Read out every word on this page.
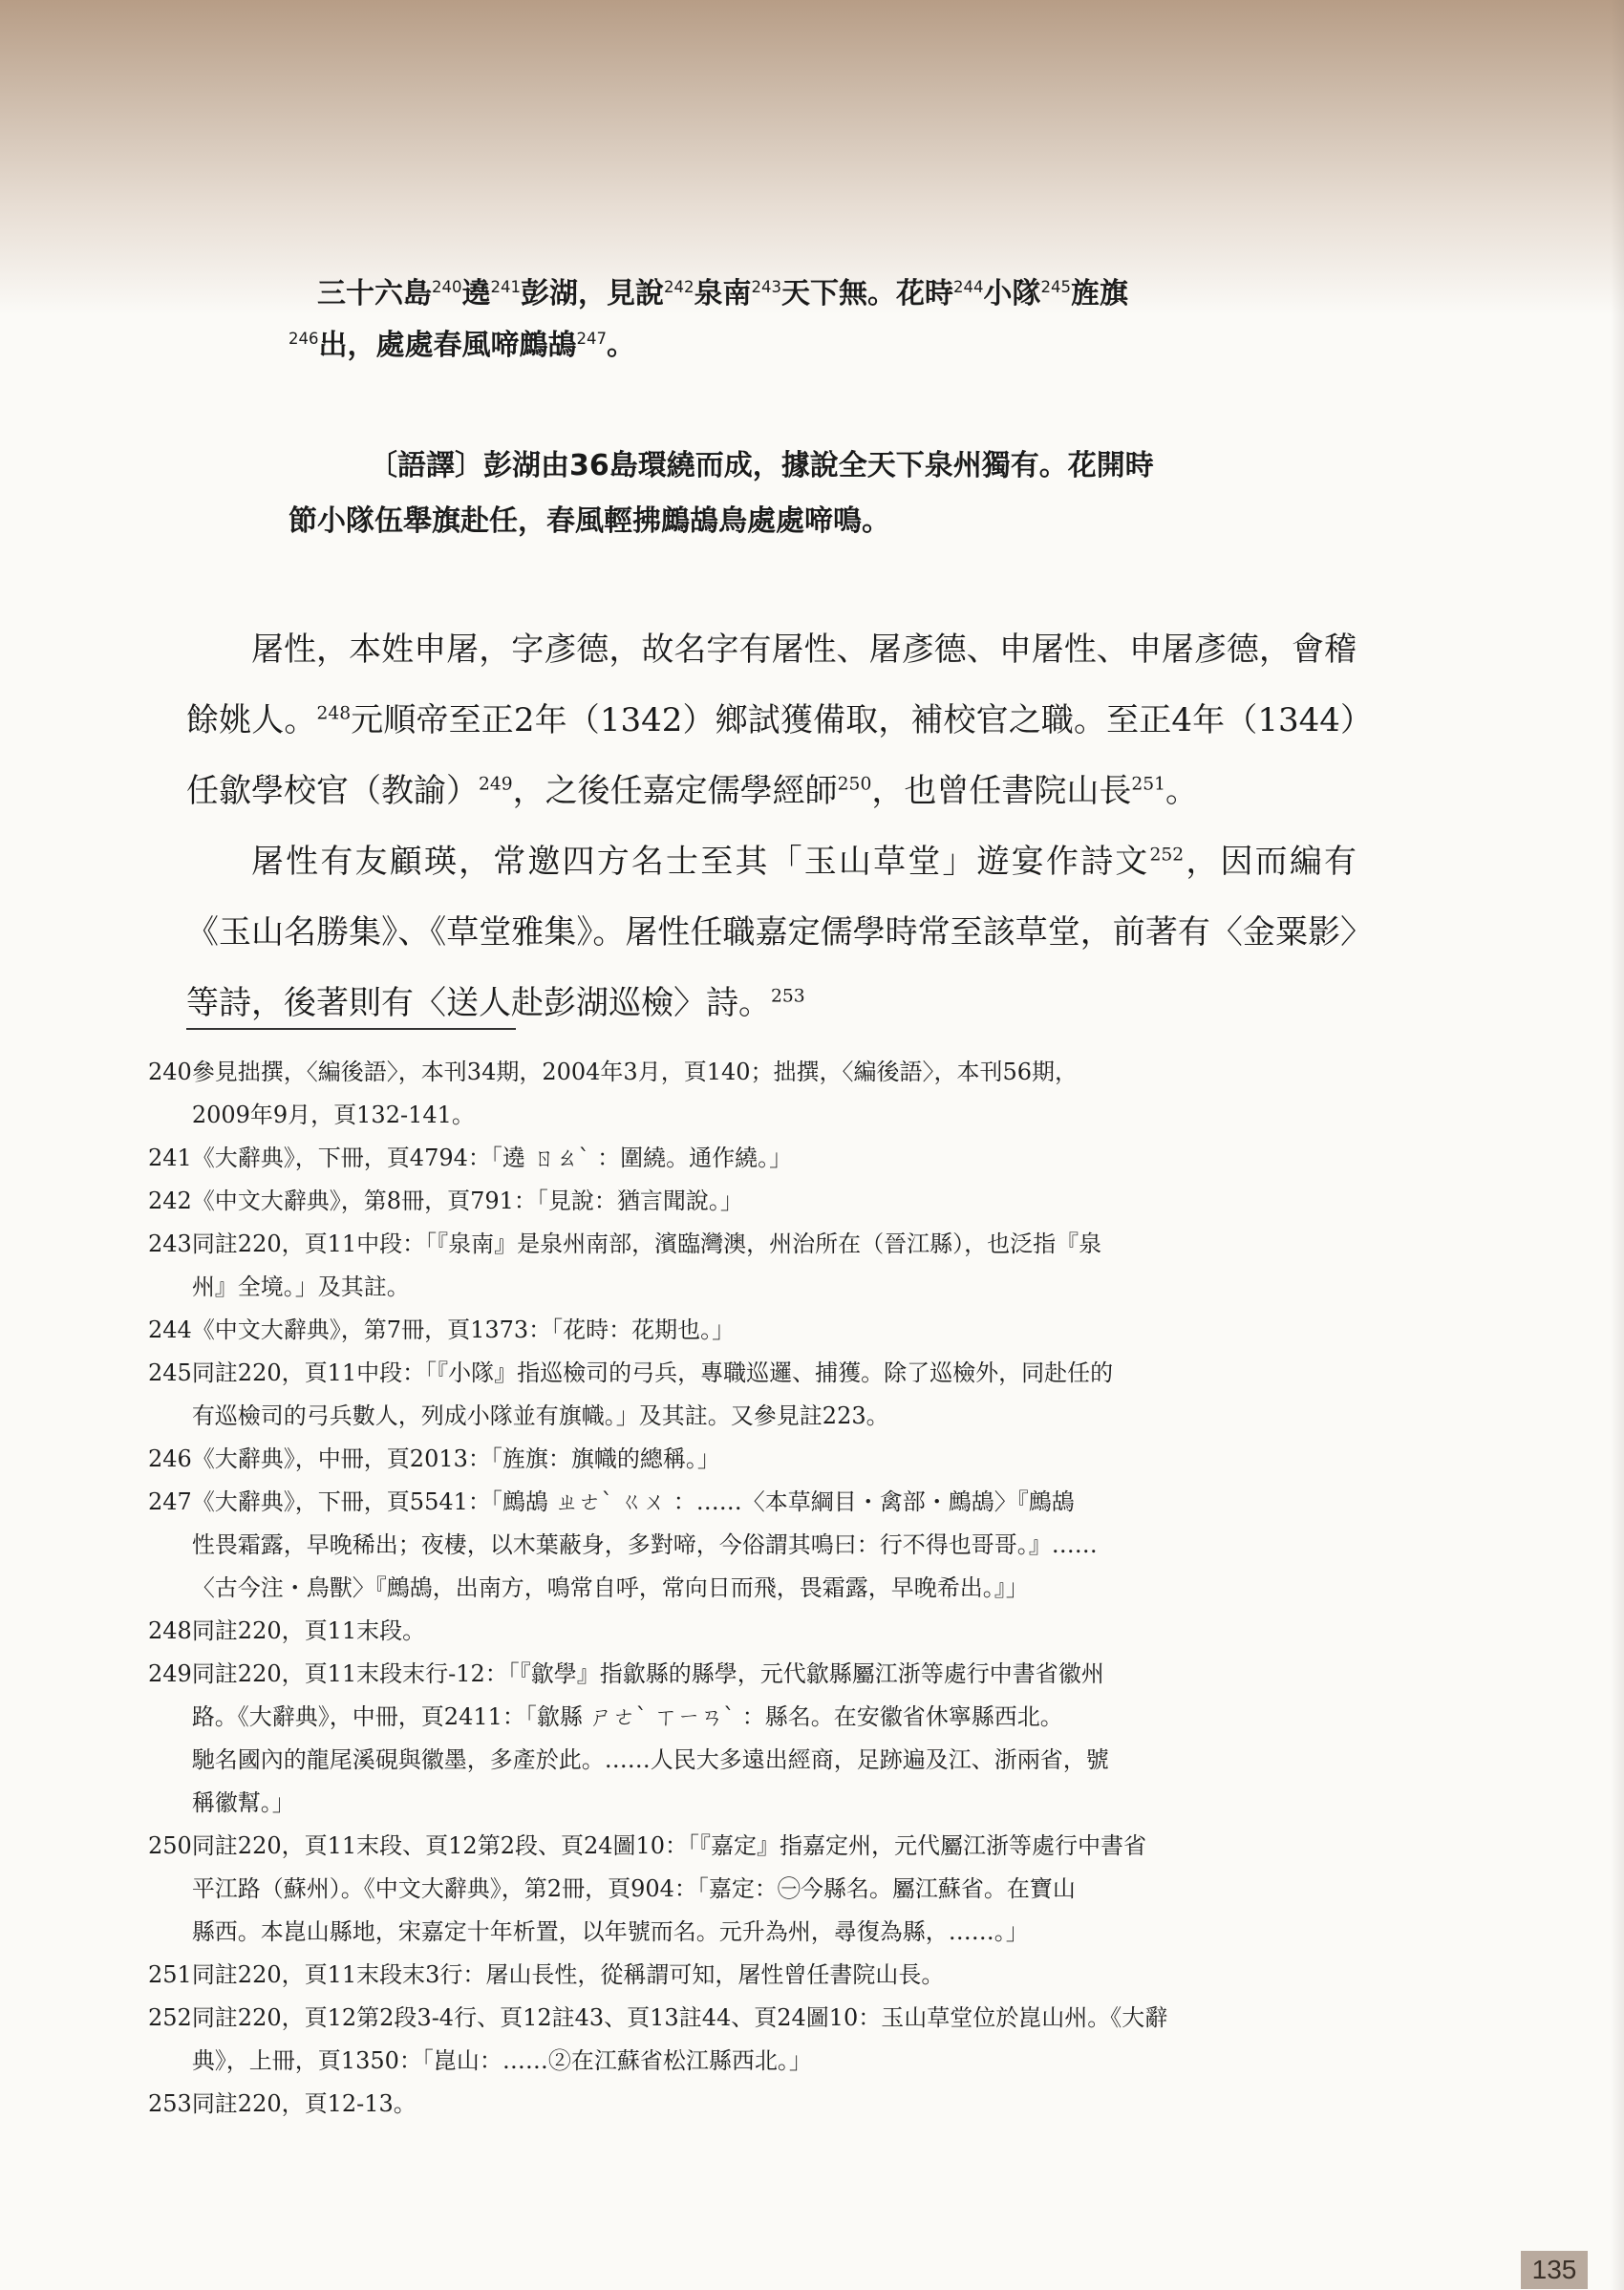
三十六島$^{240}$遶$^{241}$彭湖，見說$^{242}$泉南$^{243}$天下無。花時$^{244}$小隊$^{245}$旌旗
$^{246}$出，處處春風啼鷓鴣$^{247}$。
〔語譯〕彭湖由36島環繞而成，據說全天下泉州獨有。花開時
節小隊伍舉旗赴任，春風輕拂鷓鴣鳥處處啼鳴。

屠性，本姓申屠，字彥德，故名字有屠性、屠彥德、申屠性、申屠彥德，會稽餘姚人。$^{248}$元順帝至正2年（1342）鄉試獲備取，補校官之職。至正4年（1344）任歙學校官（教諭）$^{249}$，之後任嘉定儒學經師$^{250}$，也曾任書院山長$^{251}$。

屠性有友顧瑛，常邀四方名士至其「玉山草堂」遊宴作詩文$^{252}$，因而編有《玉山名勝集》、《草堂雅集》。屠性任職嘉定儒學時常至該草堂，前著有〈金粟影〉等詩，後著則有〈送人赴彭湖巡檢〉詩。$^{253}$

240 參見拙撰，〈編後語〉，本刊34期，2004年3月，頁140；拙撰，〈編後語〉，本刊56期，
2009年9月，頁132-141。
241 《大辭典》，下冊，頁4794：「遶 ㄖㄠˋ ：圍繞。通作繞。」
242 《中文大辭典》，第8冊，頁791：「見說：猶言聞說。」
243 同註220，頁11中段：「『泉南』是泉州南部，濱臨灣澳，州治所在（晉江縣），也泛指『泉
州』全境。」及其註。
244 《中文大辭典》，第7冊，頁1373：「花時：花期也。」
245 同註220，頁11中段：「『小隊』指巡檢司的弓兵，專職巡邏、捕獲。除了巡檢外，同赴任的
有巡檢司的弓兵數人，列成小隊並有旗幟。」及其註。又參見註223。
246 《大辭典》，中冊，頁2013：「旌旗：旗幟的總稱。」
247 《大辭典》，下冊，頁5541：「鷓鴣 ㄓㄜˋ ㄍㄨ ：……〈本草綱目・禽部・鷓鴣〉『鷓鴣
性畏霜露，早晚稀出；夜棲，以木葉蔽身，多對啼，今俗謂其鳴曰：行不得也哥哥。』……
〈古今注・鳥獸〉『鷓鴣，出南方，鳴常自呼，常向日而飛，畏霜露，早晚希出。』」
248 同註220，頁11末段。
249 同註220，頁11末段末行-12：「『歙學』指歙縣的縣學，元代歙縣屬江浙等處行中書省徽州
路。《大辭典》，中冊，頁2411：「歙縣 ㄕㄜˋ ㄒㄧㄢˋ ：縣名。在安徽省休寧縣西北。
馳名國內的龍尾溪硯與徽墨，多產於此。……人民大多遠出經商，足跡遍及江、浙兩省，號
稱徽幫。」
250 同註220，頁11末段、頁12第2段、頁24圖10：「『嘉定』指嘉定州，元代屬江浙等處行中書省
平江路（蘇州）。《中文大辭典》，第2冊，頁904：「嘉定：㊀今縣名。屬江蘇省。在寶山
縣西。本崑山縣地，宋嘉定十年析置，以年號而名。元升為州，尋復為縣，……。」
251 同註220，頁11末段末3行：屠山長性，從稱謂可知，屠性曾任書院山長。
252 同註220，頁12第2段3-4行、頁12註43、頁13註44、頁24圖10：玉山草堂位於崑山州。《大辭
典》，上冊，頁1350：「崑山：……②在江蘇省松江縣西北。」
253 同註220，頁12-13。
135
